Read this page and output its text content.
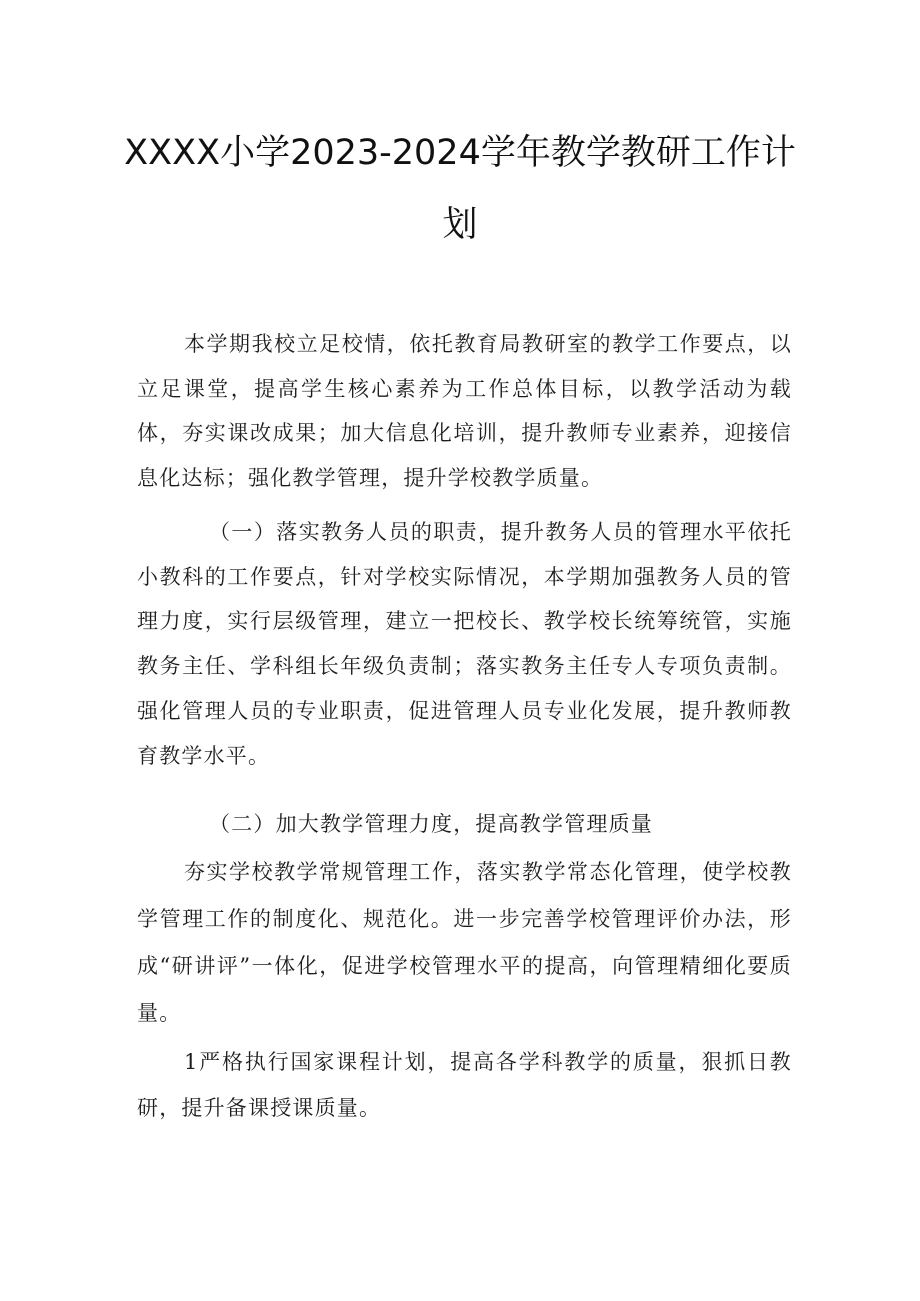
XXXX小学2023-2024学年教学教研工作计
划

本学期我校立足校情，依托教育局教研室的教学工作要点，以立足课堂，提高学生核心素养为工作总体目标，以教学活动为载体，夯实课改成果；加大信息化培训，提升教师专业素养，迎接信息化达标；强化教学管理，提升学校教学质量。

（一）落实教务人员的职责，提升教务人员的管理水平依托小教科的工作要点，针对学校实际情况，本学期加强教务人员的管理力度，实行层级管理，建立一把校长、教学校长统筹统管，实施教务主任、学科组长年级负责制；落实教务主任专人专项负责制。强化管理人员的专业职责，促进管理人员专业化发展，提升教师教育教学水平。

（二）加大教学管理力度，提高教学管理质量

夯实学校教学常规管理工作，落实教学常态化管理，使学校教学管理工作的制度化、规范化。进一步完善学校管理评价办法，形成“研讲评”一体化，促进学校管理水平的提高，向管理精细化要质量。

1严格执行国家课程计划，提高各学科教学的质量，狠抓日教研，提升备课授课质量。
